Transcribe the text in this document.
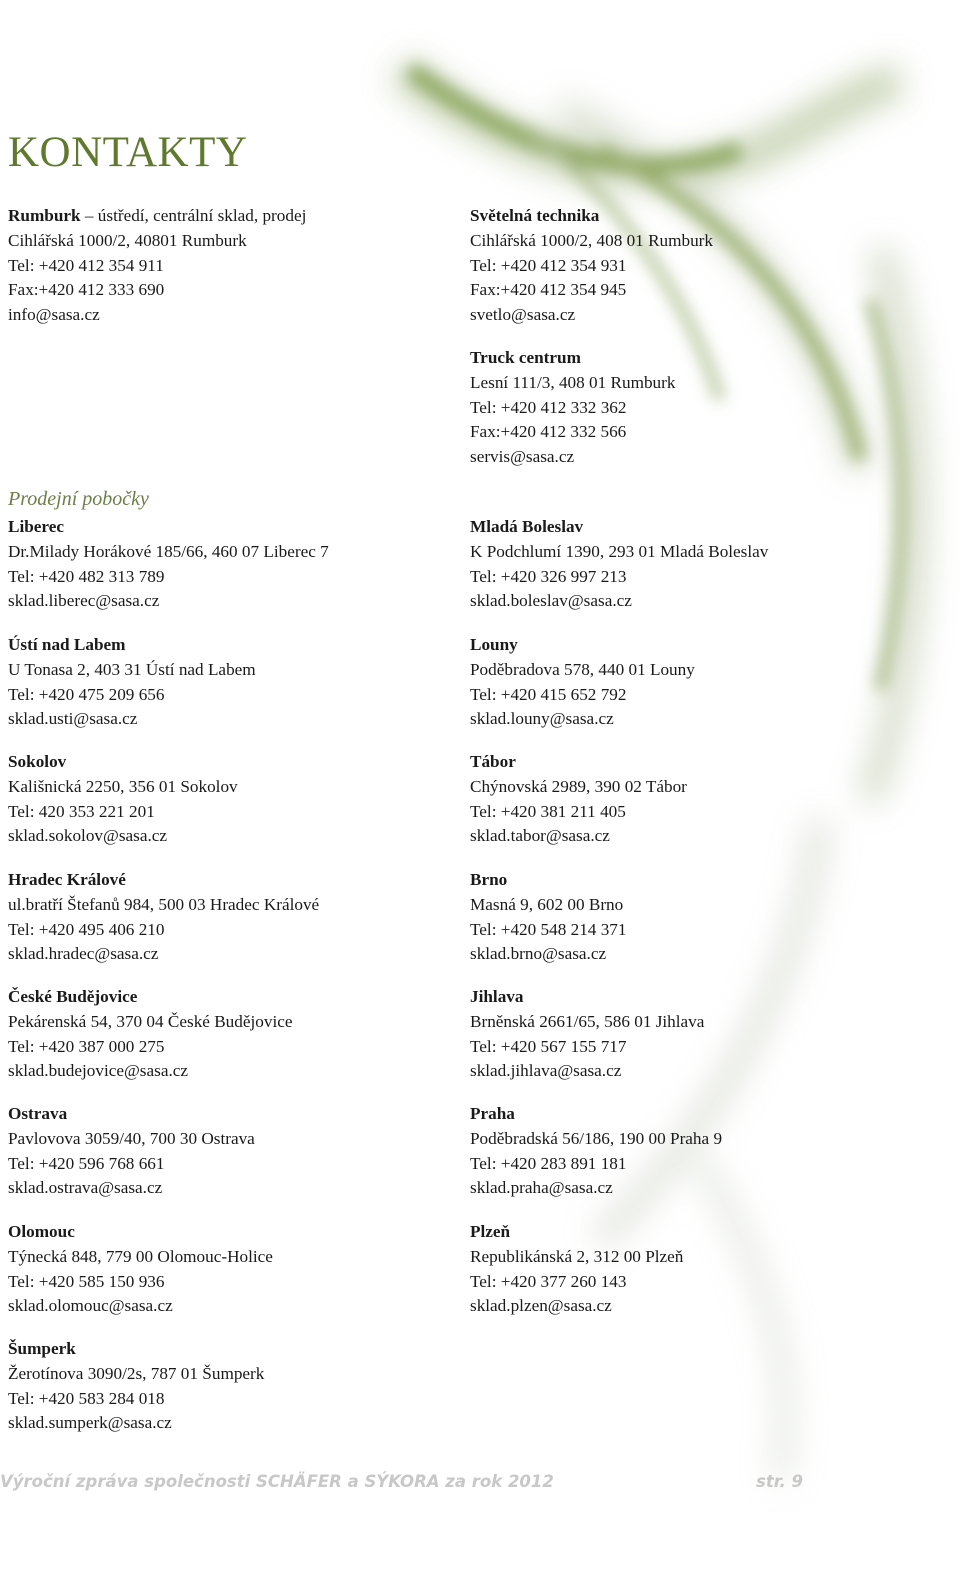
KONTAKTY
Rumburk – ústředí, centrální sklad, prodej
Cihlářská 1000/2, 40801 Rumburk
Tel: +420 412 354 911
Fax:+420 412 333 690
info@sasa.cz
Světelná technika
Cihlářská 1000/2, 408 01 Rumburk
Tel: +420 412 354 931
Fax:+420 412 354 945
svetlo@sasa.cz
Truck centrum
Lesní 111/3, 408 01 Rumburk
Tel: +420 412 332 362
Fax:+420 412 332 566
servis@sasa.cz
Prodejní pobočky
Liberec
Dr.Milady Horákové 185/66, 460 07 Liberec 7
Tel: +420 482 313 789
sklad.liberec@sasa.cz
Mladá Boleslav
K Podchlumí 1390, 293 01 Mladá Boleslav
Tel: +420 326 997 213
sklad.boleslav@sasa.cz
Ústí nad Labem
U Tonasa 2, 403 31 Ústí nad Labem
Tel: +420 475 209 656
sklad.usti@sasa.cz
Louny
Poděbradova 578, 440 01 Louny
Tel: +420 415 652 792
sklad.louny@sasa.cz
Sokolov
Kališnická 2250, 356 01 Sokolov
Tel: 420 353 221 201
sklad.sokolov@sasa.cz
Tábor
Chýnovská 2989, 390 02 Tábor
Tel: +420 381 211 405
sklad.tabor@sasa.cz
Hradec Králové
ul.bratří Štefanů 984, 500 03 Hradec Králové
Tel: +420 495 406 210
sklad.hradec@sasa.cz
Brno
Masná 9, 602 00 Brno
Tel: +420 548 214 371
sklad.brno@sasa.cz
České Budějovice
Pekárenská 54, 370 04 České Budějovice
Tel: +420 387 000 275
sklad.budejovice@sasa.cz
Jihlava
Brněnská 2661/65, 586 01 Jihlava
Tel: +420 567 155 717
sklad.jihlava@sasa.cz
Ostrava
Pavlovova 3059/40, 700 30 Ostrava
Tel: +420 596 768 661
sklad.ostrava@sasa.cz
Praha
Poděbradská 56/186, 190 00 Praha 9
Tel: +420 283 891 181
sklad.praha@sasa.cz
Olomouc
Týnecká 848, 779 00 Olomouc-Holice
Tel: +420 585 150 936
sklad.olomouc@sasa.cz
Plzeň
Republikánská 2, 312 00 Plzeň
Tel: +420 377 260 143
sklad.plzen@sasa.cz
Šumperk
Žerotínova 3090/2s, 787 01 Šumperk
Tel: +420 583 284 018
sklad.sumperk@sasa.cz
Výroční zpráva společnosti SCHÄFER a SÝKORA za rok 2012	str. 9
